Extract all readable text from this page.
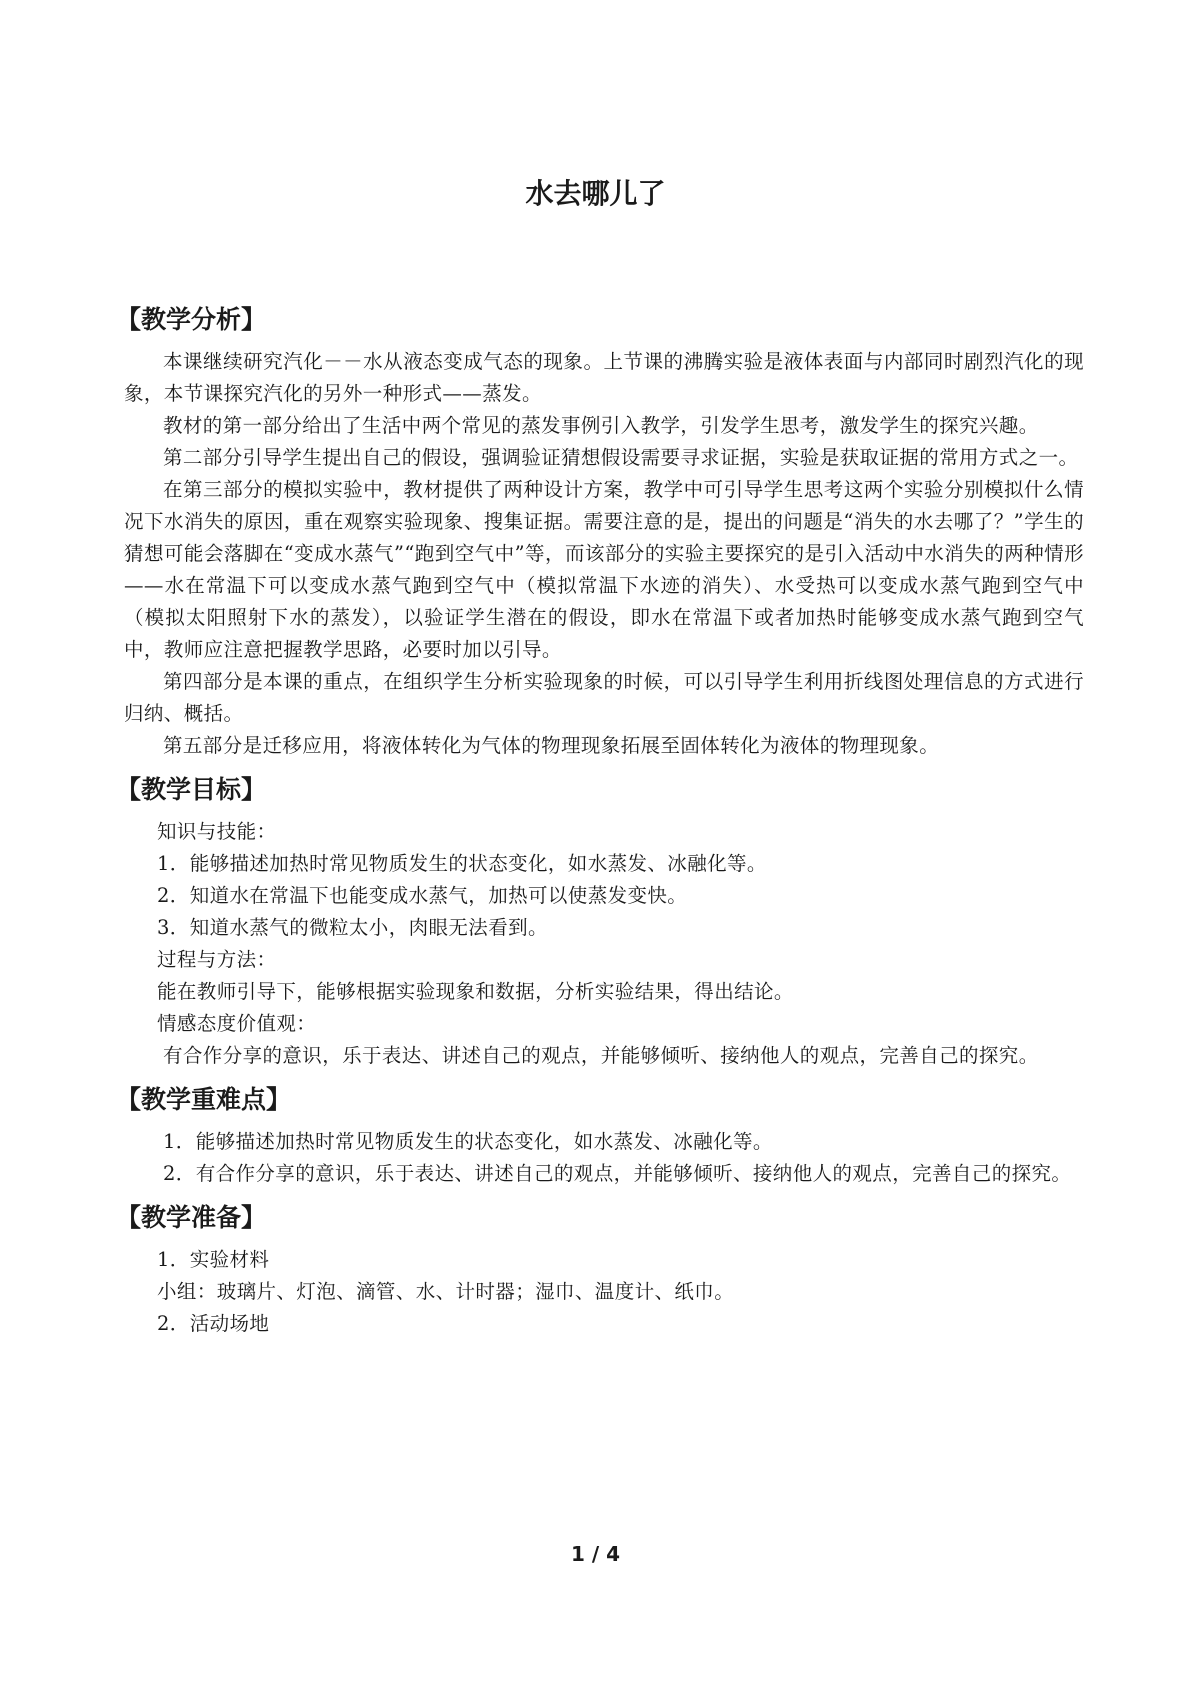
水去哪儿了
【教学分析】

本课继续研究汽化－－水从液态变成气态的现象。上节课的沸腾实验是液体表面与内部同时剧烈汽化的现象，本节课探究汽化的另外一种形式——蒸发。

教材的第一部分给出了生活中两个常见的蒸发事例引入教学，引发学生思考，激发学生的探究兴趣。

第二部分引导学生提出自己的假设，强调验证猜想假设需要寻求证据，实验是获取证据的常用方式之一。

在第三部分的模拟实验中，教材提供了两种设计方案，教学中可引导学生思考这两个实验分别模拟什么情况下水消失的原因，重在观察实验现象、搜集证据。需要注意的是，提出的问题是“消失的水去哪了？”学生的猜想可能会落脚在“变成水蒸气”“跑到空气中”等，而该部分的实验主要探究的是引入活动中水消失的两种情形——水在常温下可以变成水蒸气跑到空气中（模拟常温下水迹的消失）、水受热可以变成水蒸气跑到空气中（模拟太阳照射下水的蒸发），以验证学生潜在的假设，即水在常温下或者加热时能够变成水蒸气跑到空气中，教师应注意把握教学思路，必要时加以引导。

第四部分是本课的重点，在组织学生分析实验现象的时候，可以引导学生利用折线图处理信息的方式进行归纳、概括。

第五部分是迁移应用，将液体转化为气体的物理现象拓展至固体转化为液体的物理现象。

【教学目标】

知识与技能：

1．能够描述加热时常见物质发生的状态变化，如水蒸发、冰融化等。

2．知道水在常温下也能变成水蒸气，加热可以使蒸发变快。

3．知道水蒸气的微粒太小，肉眼无法看到。

过程与方法：

能在教师引导下，能够根据实验现象和数据，分析实验结果，得出结论。

情感态度价值观：

有合作分享的意识，乐于表达、讲述自己的观点，并能够倾听、接纳他人的观点，完善自己的探究。

【教学重难点】

1．能够描述加热时常见物质发生的状态变化，如水蒸发、冰融化等。

2．有合作分享的意识，乐于表达、讲述自己的观点，并能够倾听、接纳他人的观点，完善自己的探究。

【教学准备】

1．实验材料

小组：玻璃片、灯泡、滴管、水、计时器；湿巾、温度计、纸巾。

2．活动场地

1 / 4
